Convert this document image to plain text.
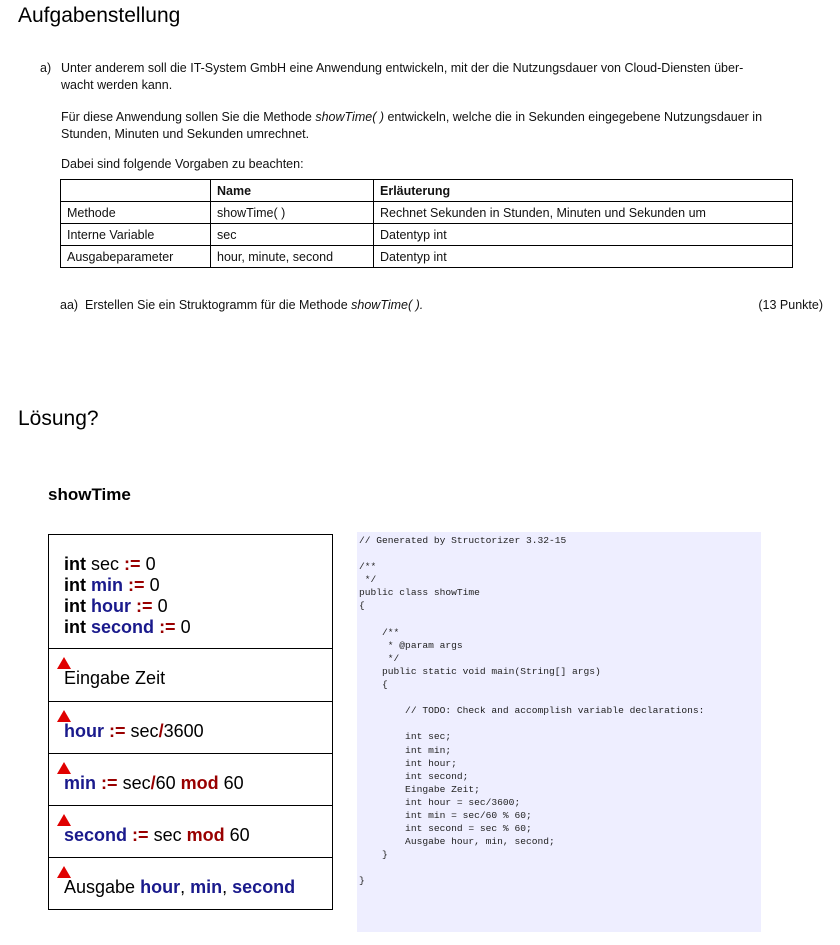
Aufgabenstellung
a) Unter anderem soll die IT-System GmbH eine Anwendung entwickeln, mit der die Nutzungsdauer von Cloud-Diensten über-
wacht werden kann.
Für diese Anwendung sollen Sie die Methode showTime( ) entwickeln, welche die in Sekunden eingegebene Nutzungsdauer in
Stunden, Minuten und Sekunden umrechnet.
Dabei sind folgende Vorgaben zu beachten:
	Name	Erläuterung
Methode	showTime( )	Rechnet Sekunden in Stunden, Minuten und Sekunden um
Interne Variable	sec	Datentyp int
Ausgabeparameter	hour, minute, second	Datentyp int
aa) Erstellen Sie ein Struktogramm für die Methode showTime( ).	(13 Punkte)
Lösung?
showTime
int sec := 0
int min := 0
int hour := 0
int second := 0
Eingabe Zeit
hour := sec/3600
min := sec/60 mod 60
second := sec mod 60
Ausgabe hour, min, second
// Generated by Structorizer 3.32-15

/**
*/
public class showTime
{

/**
* @param args
*/
public static void main(String[] args)
{

// TODO: Check and accomplish variable declarations:

int sec;
int min;
int hour;
int second;
Eingabe Zeit;
int hour = sec/3600;
int min = sec/60 % 60;
int second = sec % 60;
Ausgabe hour, min, second;
}

}
